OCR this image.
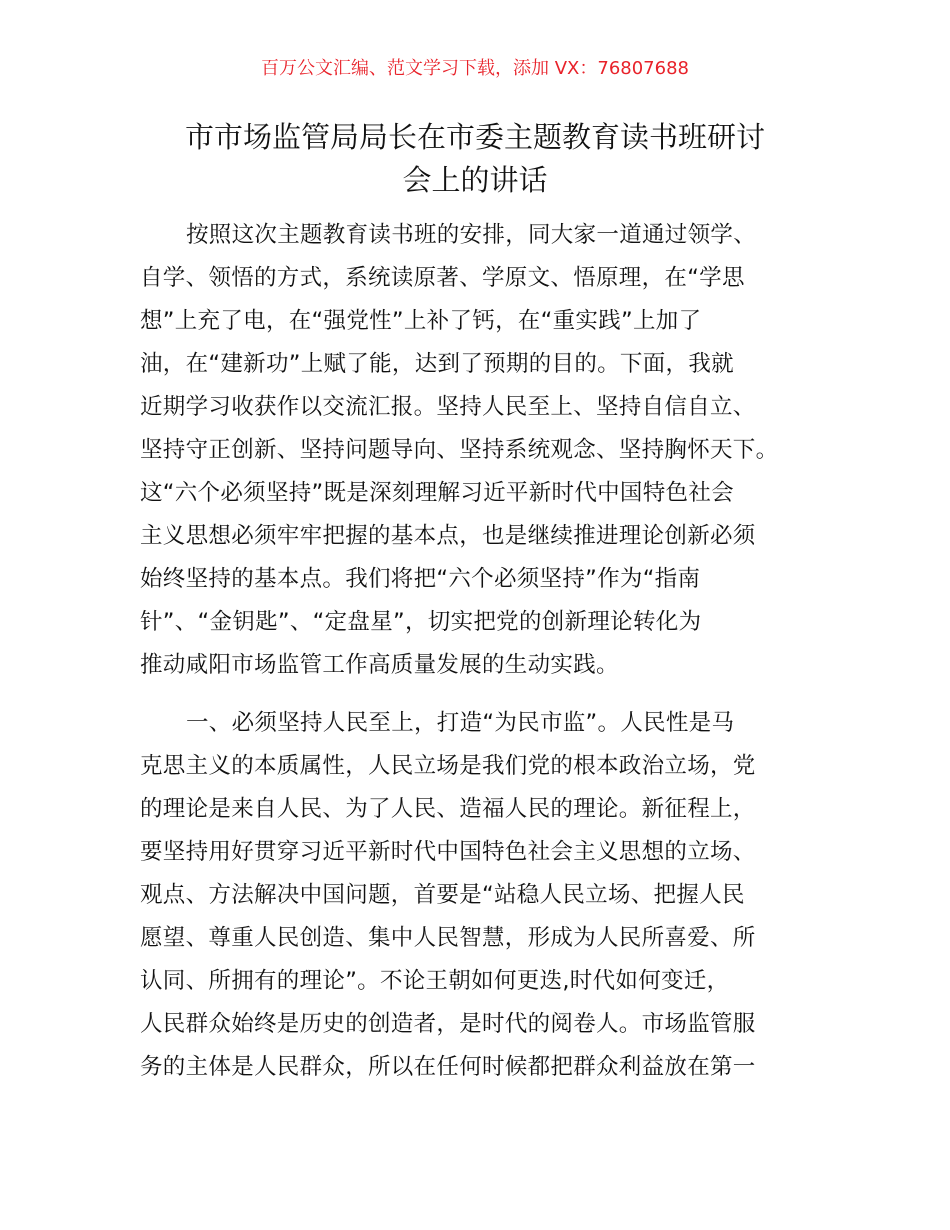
百万公文汇编、范文学习下载，添加 VX：76807688
市市场监管局局长在市委主题教育读书班研讨
会上的讲话
按照这次主题教育读书班的安排，同大家一道通过领学、
自学、领悟的方式，系统读原著、学原文、悟原理，在“学思
想”上充了电，在“强党性”上补了钙，在“重实践”上加了
油，在“建新功”上赋了能，达到了预期的目的。下面，我就
近期学习收获作以交流汇报。坚持人民至上、坚持自信自立、
坚持守正创新、坚持问题导向、坚持系统观念、坚持胸怀天下。
这“六个必须坚持”既是深刻理解习近平新时代中国特色社会
主义思想必须牢牢把握的基本点，也是继续推进理论创新必须
始终坚持的基本点。我们将把“六个必须坚持”作为“指南
针”、“金钥匙”、“定盘星”，切实把党的创新理论转化为
推动咸阳市场监管工作高质量发展的生动实践。
一、必须坚持人民至上，打造“为民市监”。人民性是马
克思主义的本质属性，人民立场是我们党的根本政治立场，党
的理论是来自人民、为了人民、造福人民的理论。新征程上，
要坚持用好贯穿习近平新时代中国特色社会主义思想的立场、
观点、方法解决中国问题，首要是“站稳人民立场、把握人民
愿望、尊重人民创造、集中人民智慧，形成为人民所喜爱、所
认同、所拥有的理论”。不论王朝如何更迭,时代如何变迁，
人民群众始终是历史的创造者，是时代的阅卷人。市场监管服
务的主体是人民群众，所以在任何时候都把群众利益放在第一
